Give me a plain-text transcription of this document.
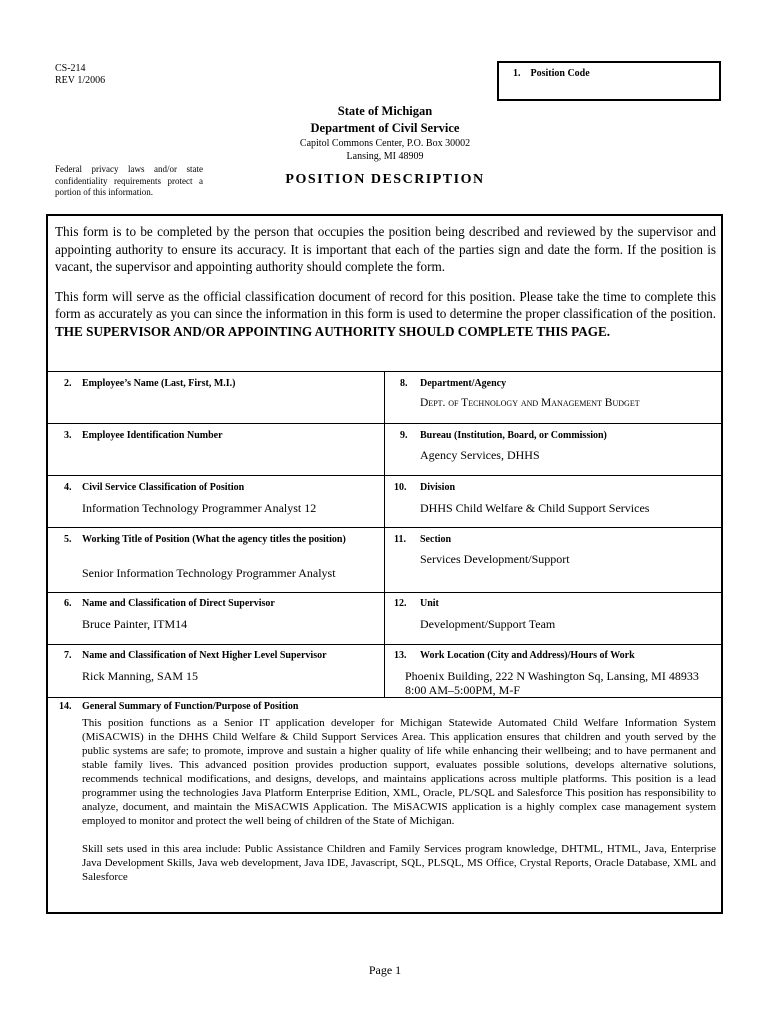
CS-214
REV 1/2006
1. Position Code
State of Michigan
Department of Civil Service
Capitol Commons Center, P.O. Box 30002
Lansing, MI 48909
Federal privacy laws and/or state confidentiality requirements protect a portion of this information.
POSITION DESCRIPTION

This form is to be completed by the person that occupies the position being described and reviewed by the supervisor and appointing authority to ensure its accuracy. It is important that each of the parties sign and date the form. If the position is vacant, the supervisor and appointing authority should complete the form.

This form will serve as the official classification document of record for this position. Please take the time to complete this form as accurately as you can since the information in this form is used to determine the proper classification of the position. THE SUPERVISOR AND/OR APPOINTING AUTHORITY SHOULD COMPLETE THIS PAGE.

2. Employee’s Name (Last, First, M.I.)
3. Employee Identification Number
4. Civil Service Classification of Position
Information Technology Programmer Analyst 12
5. Working Title of Position (What the agency titles the position)
Senior Information Technology Programmer Analyst
6. Name and Classification of Direct Supervisor
Bruce Painter, ITM14
7. Name and Classification of Next Higher Level Supervisor
Rick Manning, SAM 15
8. Department/Agency
Dept. of Technology and Management Budget
9. Bureau (Institution, Board, or Commission)
Agency Services, DHHS
10. Division
DHHS Child Welfare & Child Support Services
11. Section
Services Development/Support
12. Unit
Development/Support Team
13. Work Location (City and Address)/Hours of Work
Phoenix Building, 222 N Washington Sq, Lansing, MI 48933
8:00 AM–5:00PM, M-F
14. General Summary of Function/Purpose of Position

This position functions as a Senior IT application developer for Michigan Statewide Automated Child Welfare Information System (MiSACWIS) in the DHHS Child Welfare & Child Support Services Area. This application ensures that children and youth served by the public systems are safe; to promote, improve and sustain a higher quality of life while enhancing their wellbeing; and to have permanent and stable family lives. This advanced position provides production support, evaluates possible solutions, develops alternative solutions, recommends technical modifications, and designs, develops, and maintains applications across multiple platforms. This position is a lead programmer using the technologies Java Platform Enterprise Edition, XML, Oracle, PL/SQL and Salesforce This position has responsibility to analyze, document, and maintain the MiSACWIS Application. The MiSACWIS application is a highly complex case management system employed to monitor and protect the well being of children of the State of Michigan.

Skill sets used in this area include: Public Assistance Children and Family Services program knowledge, DHTML, HTML, Java, Enterprise Java Development Skills, Java web development, Java IDE, Javascript, SQL, PLSQL, MS Office, Crystal Reports, Oracle Database, XML and Salesforce

Page 1
